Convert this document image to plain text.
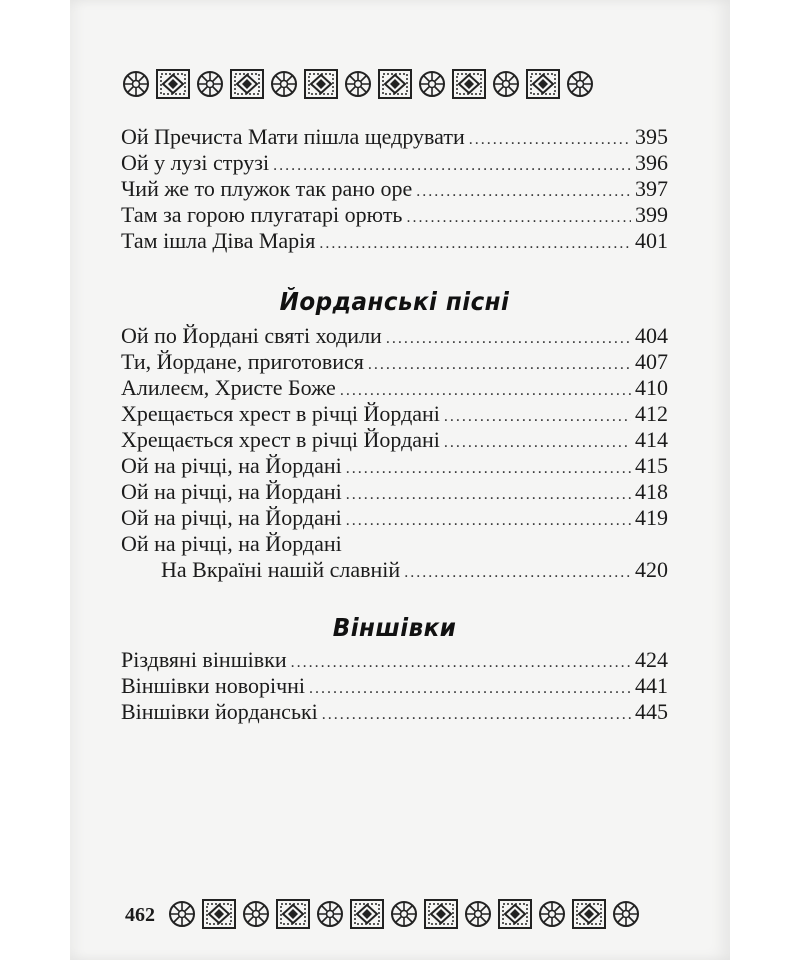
Ой Пречиста Мати пішла щедрувати .....	395
Ой у лузі струзі .....	396
Чий же то плужок так рано оре .....	397
Там за горою плугатарі орють .....	399
Там ішла Діва Марія .....	401
Йорданські пісні
Ой по Йордані святі ходили .....	404
Ти, Йордане, приготовися .....	407
Алилеєм, Христе Боже .....	410
Хрещається хрест в річці Йордані .....	412
Хрещається хрест в річці Йордані .....	414
Ой на річці, на Йордані .....	415
Ой на річці, на Йордані .....	418
Ой на річці, на Йордані .....	419
Ой на річці, на Йордані
На Вкраїні нашій славній .....	420
Віншівки
Різдвяні віншівки .....	424
Віншівки новорічні .....	441
Віншівки йорданські .....	445
462
